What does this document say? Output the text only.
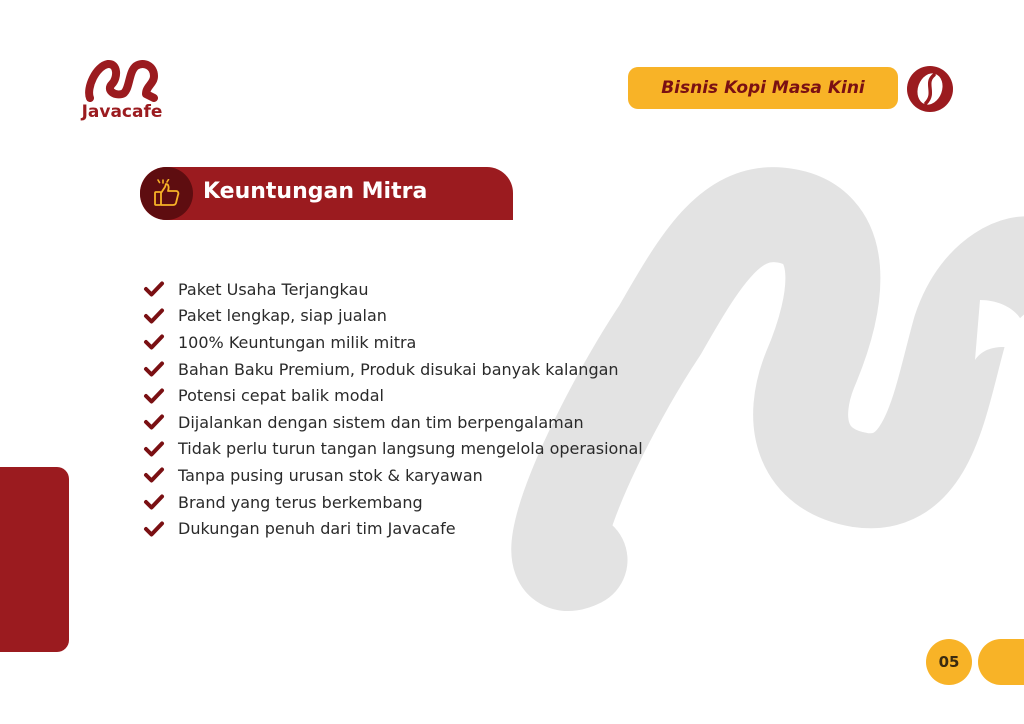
Javacafe
Bisnis Kopi Masa Kini
Keuntungan Mitra
Paket Usaha Terjangkau
Paket lengkap, siap jualan
100% Keuntungan milik mitra
Bahan Baku Premium, Produk disukai banyak kalangan
Potensi cepat balik modal
Dijalankan dengan sistem dan tim berpengalaman
Tidak perlu turun tangan langsung mengelola operasional
Tanpa pusing urusan stok & karyawan
Brand yang terus berkembang
Dukungan penuh dari tim Javacafe
05
